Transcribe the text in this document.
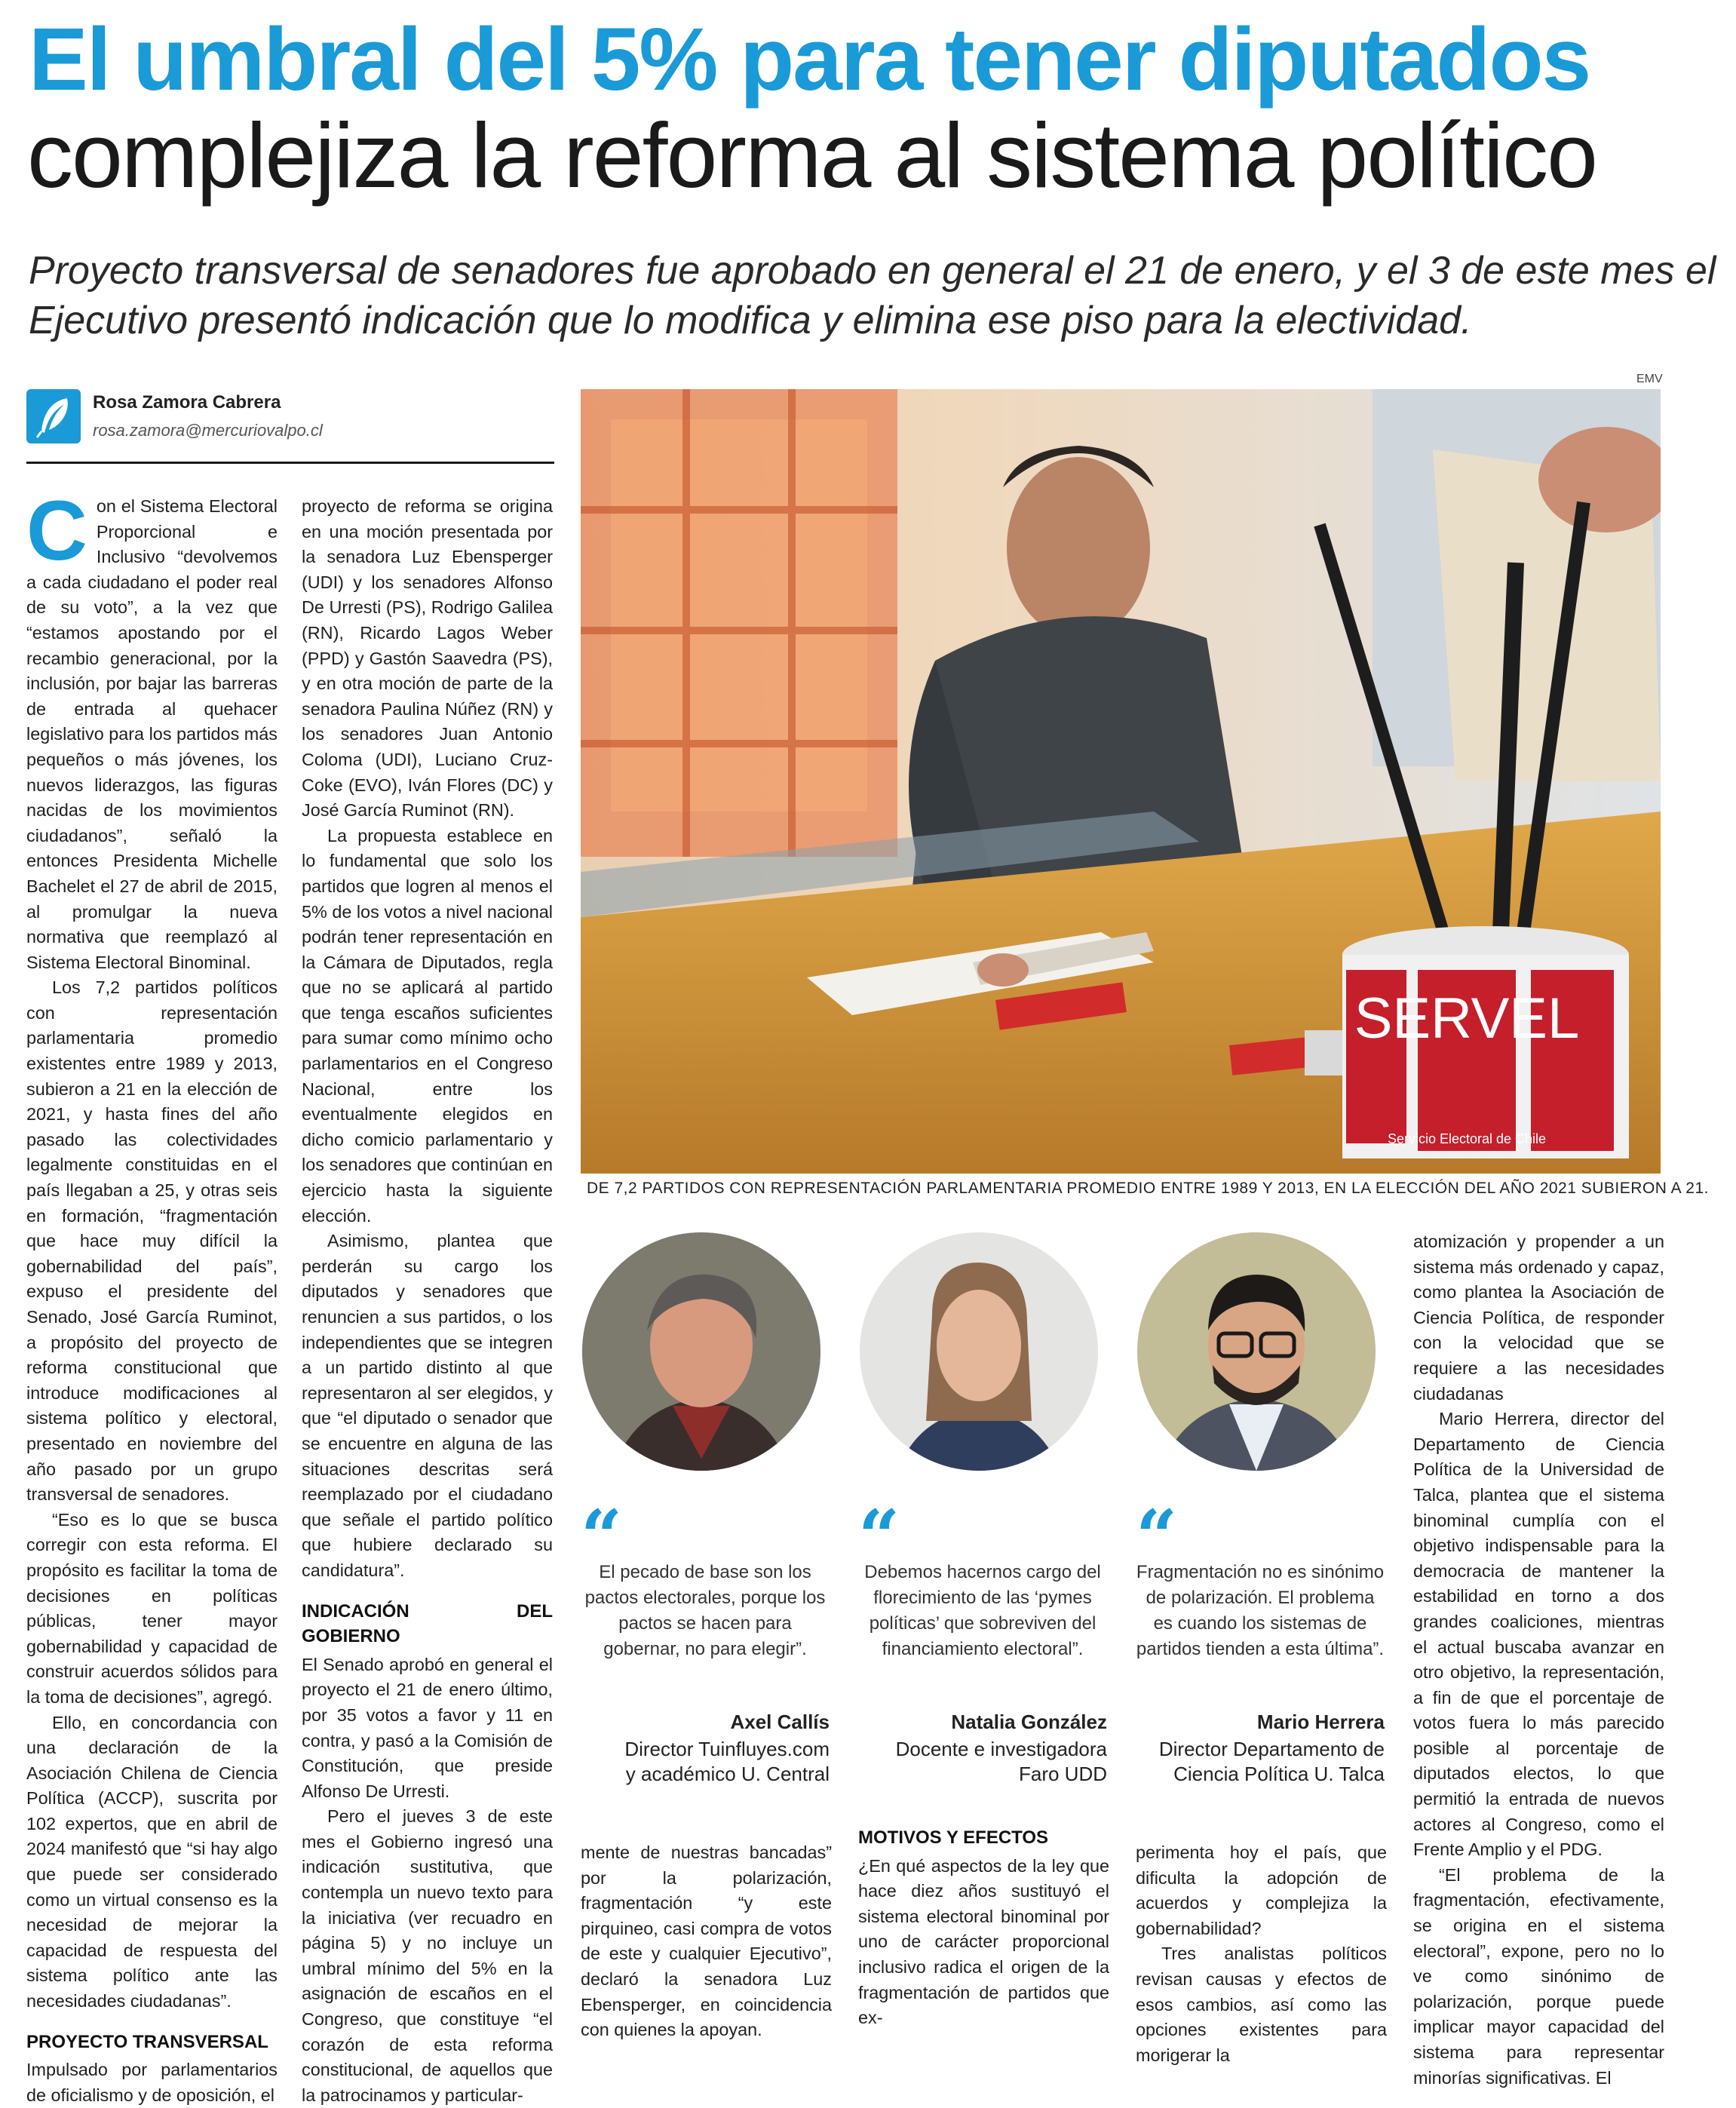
El umbral del 5% para tener diputados
complejiza la reforma al sistema político
Proyecto transversal de senadores fue aprobado en general el 21 de enero, y el 3 de este mes el Ejecutivo presentó indicación que lo modifica y elimina ese piso para la electividad.
Rosa Zamora Cabrera
rosa.zamora@mercuriovalpo.cl

Con el Sistema Electoral Proporcional e Inclusivo “devolvemos a cada ciudadano el poder real de su voto”, a la vez que “estamos apostando por el recambio generacional, por la inclusión, por bajar las barreras de entrada al quehacer legislativo para los partidos más pequeños o más jóvenes, los nuevos liderazgos, las figuras nacidas de los movimientos ciudadanos”, señaló la entonces Presidenta Michelle Bachelet el 27 de abril de 2015, al promulgar la nueva normativa que reemplazó al Sistema Electoral Binominal.

Los 7,2 partidos políticos con representación parlamentaria promedio existentes entre 1989 y 2013, subieron a 21 en la elección de 2021, y hasta fines del año pasado las colectividades legalmente constituidas en el país llegaban a 25, y otras seis en formación, “fragmentación que hace muy difícil la gobernabilidad del país”, expuso el presidente del Senado, José García Ruminot, a propósito del proyecto de reforma constitucional que introduce modificaciones al sistema político y electoral, presentado en noviembre del año pasado por un grupo transversal de senadores.

“Eso es lo que se busca corregir con esta reforma. El propósito es facilitar la toma de decisiones en políticas públicas, tener mayor gobernabilidad y capacidad de construir acuerdos sólidos para la toma de decisiones”, agregó.

Ello, en concordancia con una declaración de la Asociación Chilena de Ciencia Política (ACCP), suscrita por 102 expertos, que en abril de 2024 manifestó que “si hay algo que puede ser considerado como un virtual consenso es la necesidad de mejorar la capacidad de respuesta del sistema político ante las necesidades ciudadanas”.

PROYECTO TRANSVERSAL

Impulsado por parlamentarios de oficialismo y de oposición, el

proyecto de reforma se origina en una moción presentada por la senadora Luz Ebensperger (UDI) y los senadores Alfonso De Urresti (PS), Rodrigo Galilea (RN), Ricardo Lagos Weber (PPD) y Gastón Saavedra (PS), y en otra moción de parte de la senadora Paulina Núñez (RN) y los senadores Juan Antonio Coloma (UDI), Luciano Cruz-Coke (EVO), Iván Flores (DC) y José García Ruminot (RN).

La propuesta establece en lo fundamental que solo los partidos que logren al menos el 5% de los votos a nivel nacional podrán tener representación en la Cámara de Diputados, regla que no se aplicará al partido que tenga escaños suficientes para sumar como mínimo ocho parlamentarios en el Congreso Nacional, entre los eventualmente elegidos en dicho comicio parlamentario y los senadores que continúan en ejercicio hasta la siguiente elección.

Asimismo, plantea que perderán su cargo los diputados y senadores que renuncien a sus partidos, o los independientes que se integren a un partido distinto al que representaron al ser elegidos, y que “el diputado o senador que se encuentre en alguna de las situaciones descritas será reemplazado por el ciudadano que señale el partido político que hubiere declarado su candidatura”.

INDICACIÓN DEL GOBIERNO

El Senado aprobó en general el proyecto el 21 de enero último, por 35 votos a favor y 11 en contra, y pasó a la Comisión de Constitución, que preside Alfonso De Urresti.

Pero el jueves 3 de este mes el Gobierno ingresó una indicación sustitutiva, que contempla un nuevo texto para la iniciativa (ver recuadro en página 5) y no incluye un umbral mínimo del 5% en la asignación de escaños en el Congreso, que constituye “el corazón de esta reforma constitucional, de aquellos que la patrocinamos y particular-

EMV
SERVEL
Servicio Electoral de Chile
DE 7,2 PARTIDOS CON REPRESENTACIÓN PARLAMENTARIA PROMEDIO ENTRE 1989 Y 2013, EN LA ELECCIÓN DEL AÑO 2021 SUBIERON A 21.
“
El pecado de base son los pactos electorales, porque los pactos se hacen para gobernar, no para elegir”.
Axel Callís
Director Tuinfluyes.com
y académico U. Central
“
Debemos hacernos cargo del florecimiento de las ‘pymes políticas’ que sobreviven del financiamiento electoral”.
Natalia González
Docente e investigadora
Faro UDD
“
Fragmentación no es sinónimo de polarización. El problema es cuando los sistemas de partidos tienden a esta última”.
Mario Herrera
Director Departamento de
Ciencia Política U. Talca

mente de nuestras bancadas” por la polarización, fragmentación “y este pirquineo, casi compra de votos de este y cualquier Ejecutivo”, declaró la senadora Luz Ebensperger, en coincidencia con quienes la apoyan.

MOTIVOS Y EFECTOS

¿En qué aspectos de la ley que hace diez años sustituyó el sistema electoral binominal por uno de carácter proporcional inclusivo radica el origen de la fragmentación de partidos que ex-

perimenta hoy el país, que dificulta la adopción de acuerdos y complejiza la gobernabilidad?

Tres analistas políticos revisan causas y efectos de esos cambios, así como las opciones existentes para morigerar la

atomización y propender a un sistema más ordenado y capaz, como plantea la Asociación de Ciencia Política, de responder con la velocidad que se requiere a las necesidades ciudadanas

Mario Herrera, director del Departamento de Ciencia Política de la Universidad de Talca, plantea que el sistema binominal cumplía con el objetivo indispensable para la democracia de mantener la estabilidad en torno a dos grandes coaliciones, mientras el actual buscaba avanzar en otro objetivo, la representación, a fin de que el porcentaje de votos fuera lo más parecido posible al porcentaje de diputados electos, lo que permitió la entrada de nuevos actores al Congreso, como el Frente Amplio y el PDG.

“El problema de la fragmentación, efectivamente, se origina en el sistema electoral”, expone, pero no lo ve como sinónimo de polarización, porque puede implicar mayor capacidad del sistema para representar minorías significativas. El
